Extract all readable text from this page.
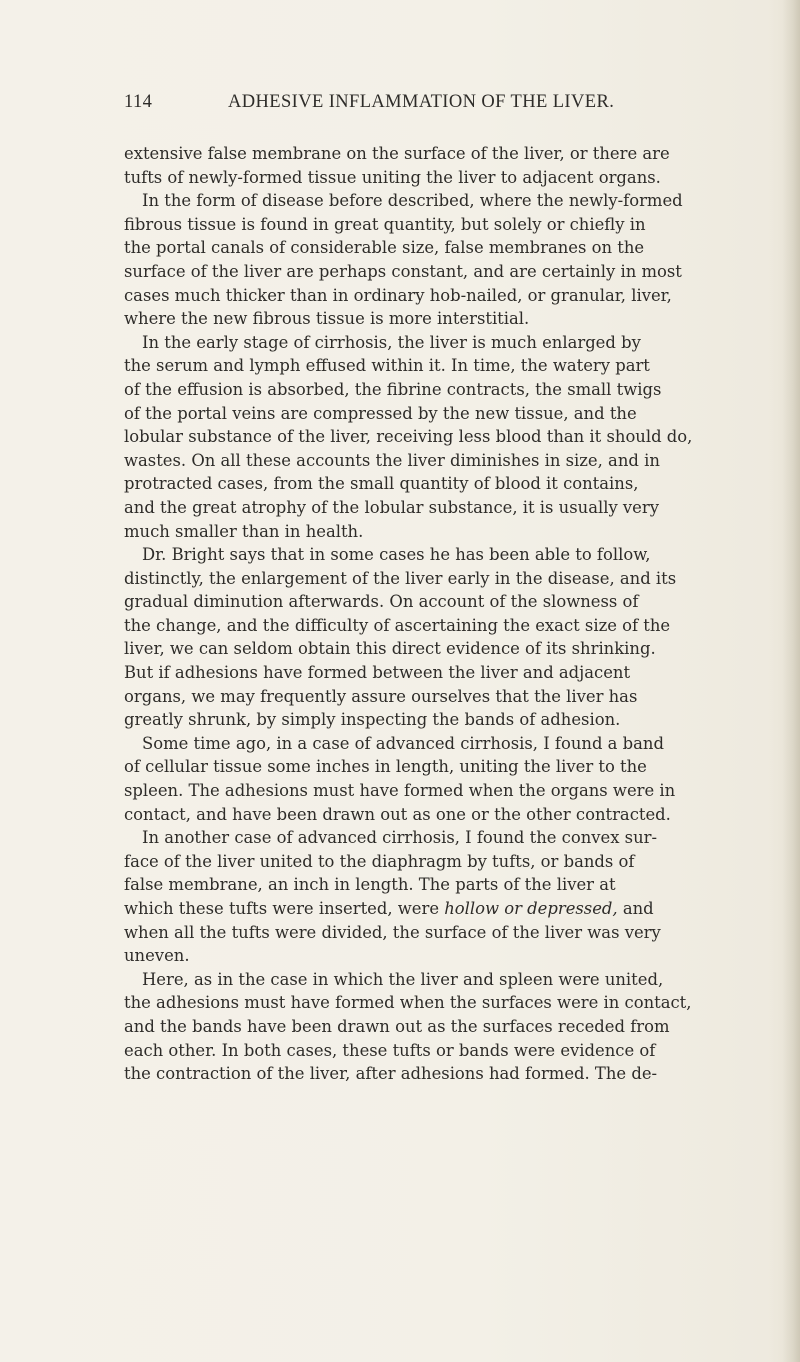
114	ADHESIVE INFLAMMATION OF THE LIVER.
extensive false membrane on the surface of the liver, or there are
tufts of newly-formed tissue uniting the liver to adjacent organs.
In the form of disease before described, where the newly-formed
fibrous tissue is found in great quantity, but solely or chiefly in
the portal canals of considerable size, false membranes on the
surface of the liver are perhaps constant, and are certainly in most
cases much thicker than in ordinary hob-nailed, or granular, liver,
where the new fibrous tissue is more interstitial.
In the early stage of cirrhosis, the liver is much enlarged by
the serum and lymph effused within it. In time, the watery part
of the effusion is absorbed, the fibrine contracts, the small twigs
of the portal veins are compressed by the new tissue, and the
lobular substance of the liver, receiving less blood than it should do,
wastes. On all these accounts the liver diminishes in size, and in
protracted cases, from the small quantity of blood it contains,
and the great atrophy of the lobular substance, it is usually very
much smaller than in health.
Dr. Bright says that in some cases he has been able to follow,
distinctly, the enlargement of the liver early in the disease, and its
gradual diminution afterwards. On account of the slowness of
the change, and the difficulty of ascertaining the exact size of the
liver, we can seldom obtain this direct evidence of its shrinking.
But if adhesions have formed between the liver and adjacent
organs, we may frequently assure ourselves that the liver has
greatly shrunk, by simply inspecting the bands of adhesion.
Some time ago, in a case of advanced cirrhosis, I found a band
of cellular tissue some inches in length, uniting the liver to the
spleen. The adhesions must have formed when the organs were in
contact, and have been drawn out as one or the other contracted.
In another case of advanced cirrhosis, I found the convex sur-
face of the liver united to the diaphragm by tufts, or bands of
false membrane, an inch in length. The parts of the liver at
which these tufts were inserted, were hollow or depressed, and
when all the tufts were divided, the surface of the liver was very
uneven.
Here, as in the case in which the liver and spleen were united,
the adhesions must have formed when the surfaces were in contact,
and the bands have been drawn out as the surfaces receded from
each other. In both cases, these tufts or bands were evidence of
the contraction of the liver, after adhesions had formed. The de-
